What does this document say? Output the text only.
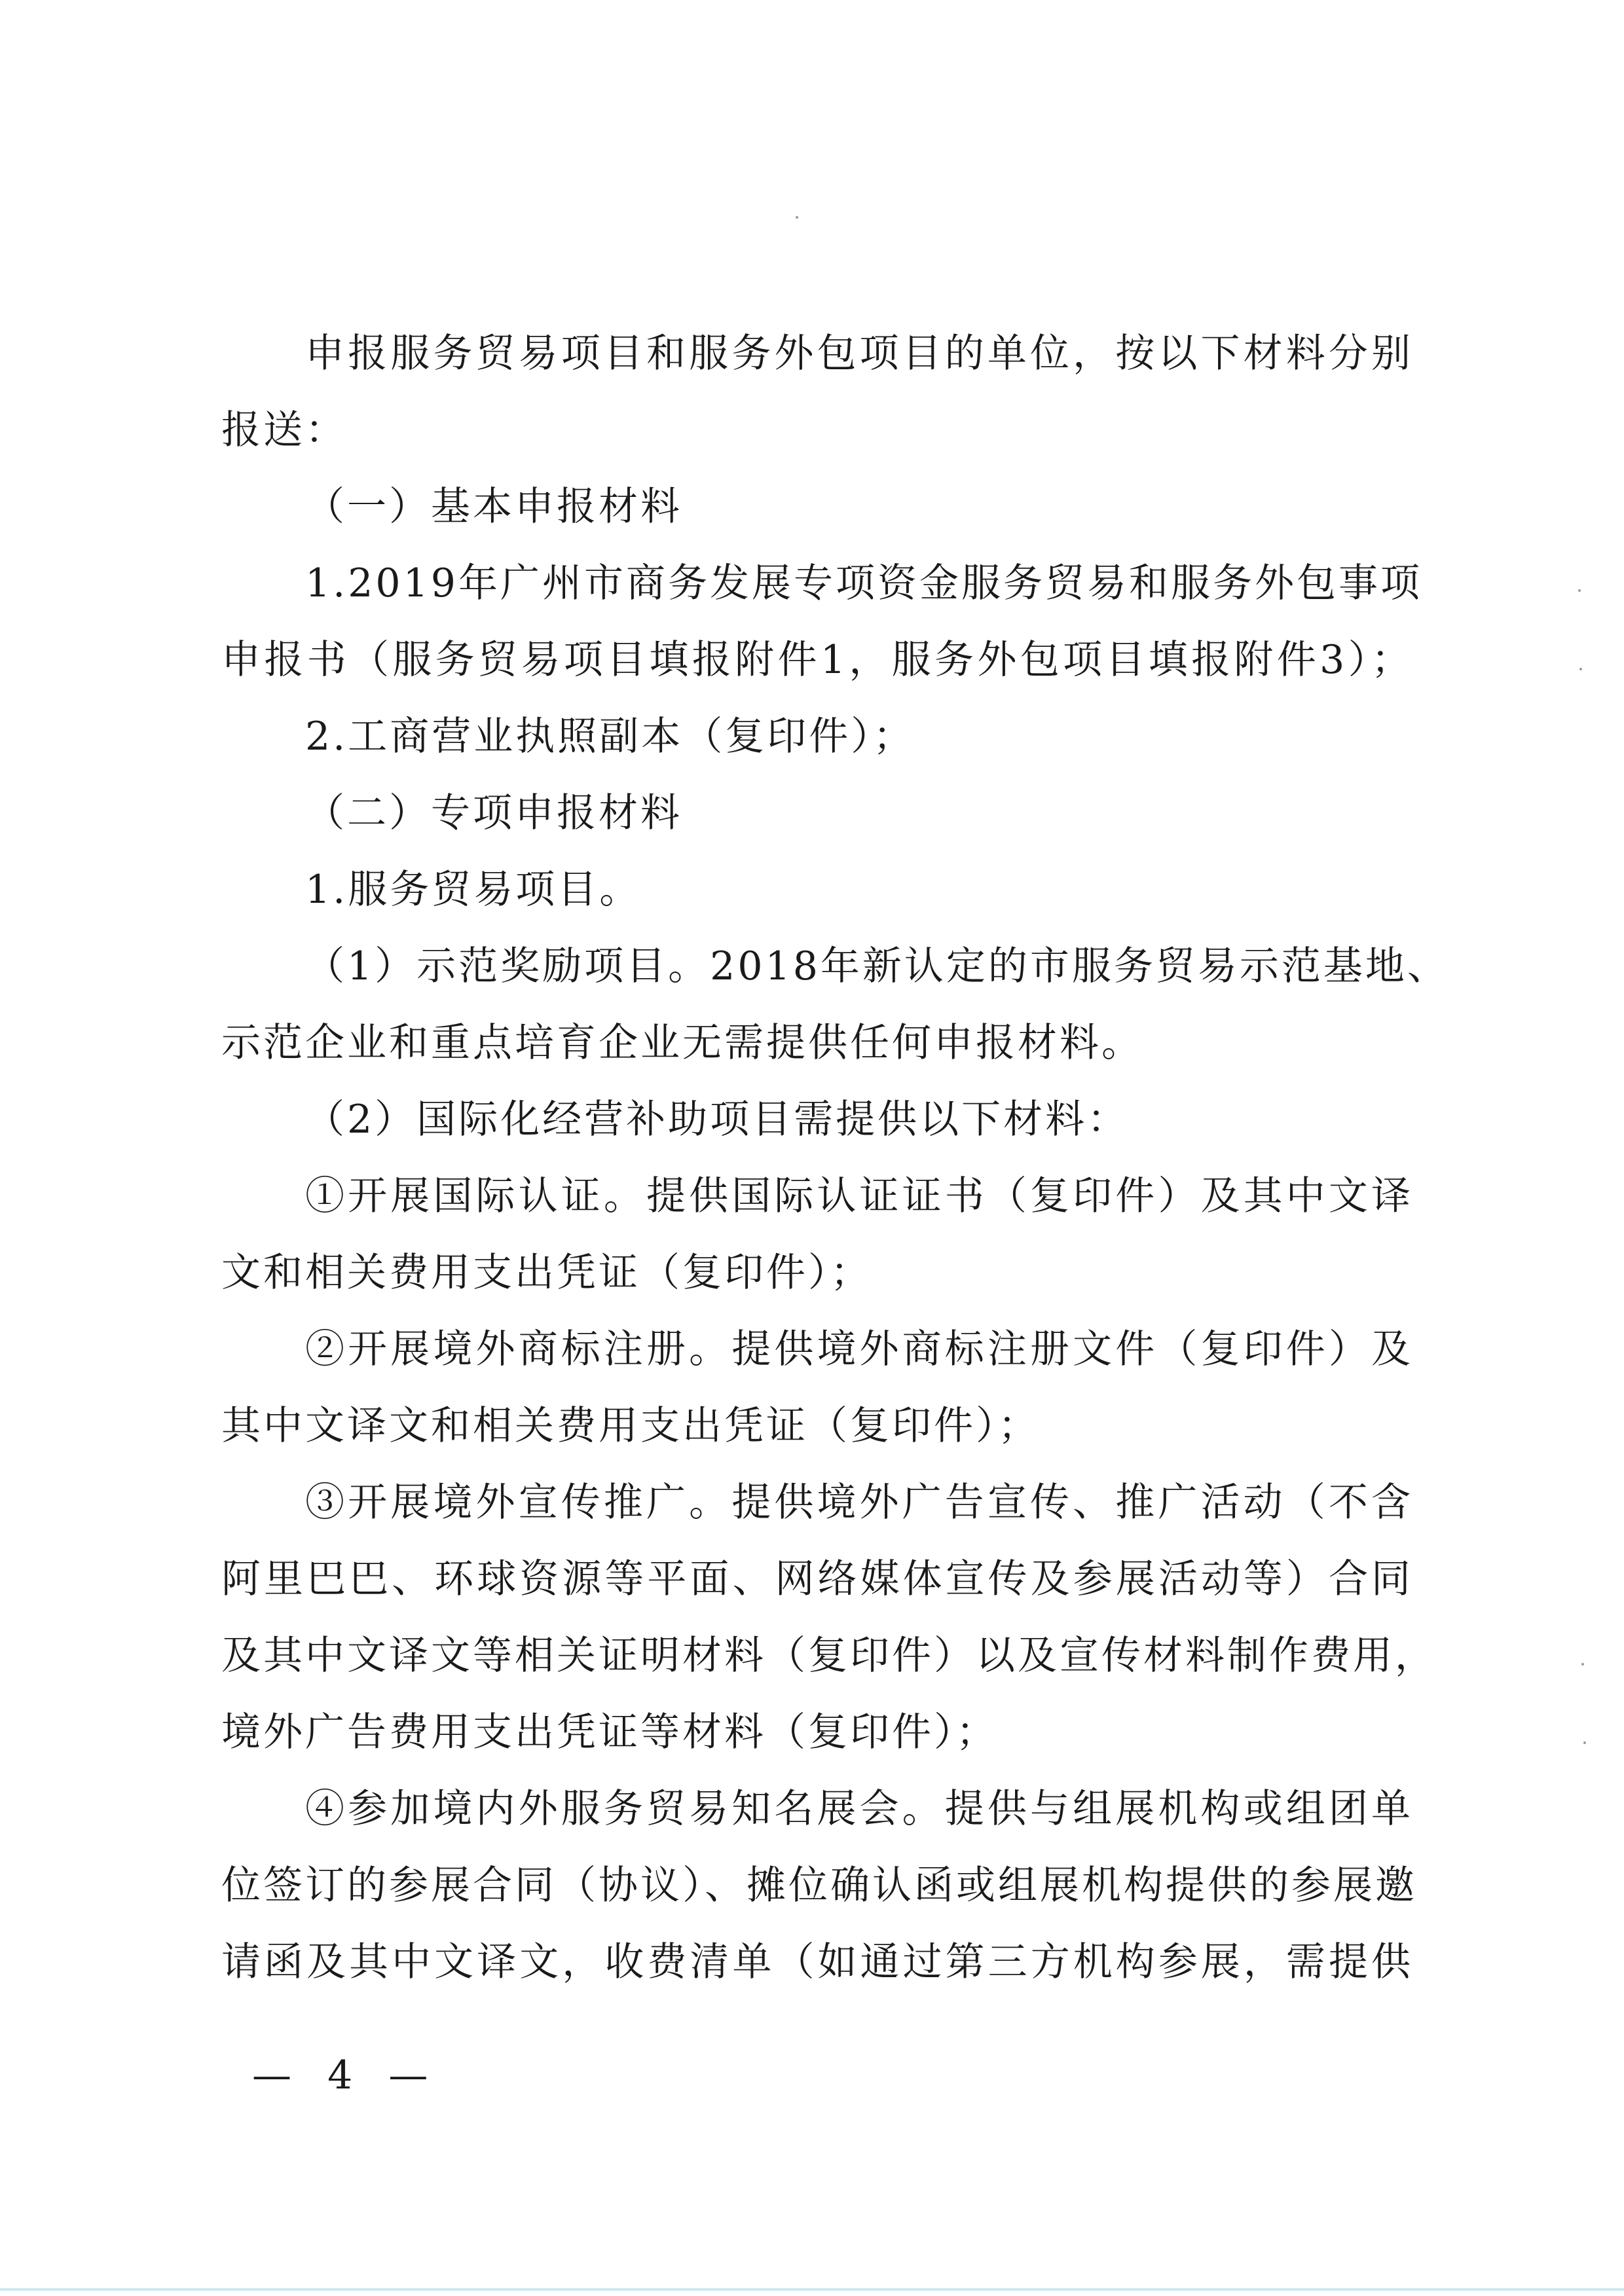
申报服务贸易项目和服务外包项目的单位，按以下材料分别
报送：
（一）基本申报材料
1.2019年广州市商务发展专项资金服务贸易和服务外包事项
申报书（服务贸易项目填报附件1，服务外包项目填报附件3）；
2.工商营业执照副本（复印件）；
（二）专项申报材料
1.服务贸易项目。
（1）示范奖励项目。2018年新认定的市服务贸易示范基地、
示范企业和重点培育企业无需提供任何申报材料。
（2）国际化经营补助项目需提供以下材料：
①开展国际认证。提供国际认证证书（复印件）及其中文译
文和相关费用支出凭证（复印件）；
②开展境外商标注册。提供境外商标注册文件（复印件）及
其中文译文和相关费用支出凭证（复印件）；
③开展境外宣传推广。提供境外广告宣传、推广活动（不含
阿里巴巴、环球资源等平面、网络媒体宣传及参展活动等）合同
及其中文译文等相关证明材料（复印件）以及宣传材料制作费用，
境外广告费用支出凭证等材料（复印件）；
④参加境内外服务贸易知名展会。提供与组展机构或组团单
位签订的参展合同（协议）、摊位确认函或组展机构提供的参展邀
请函及其中文译文，收费清单（如通过第三方机构参展，需提供
— 4 —
